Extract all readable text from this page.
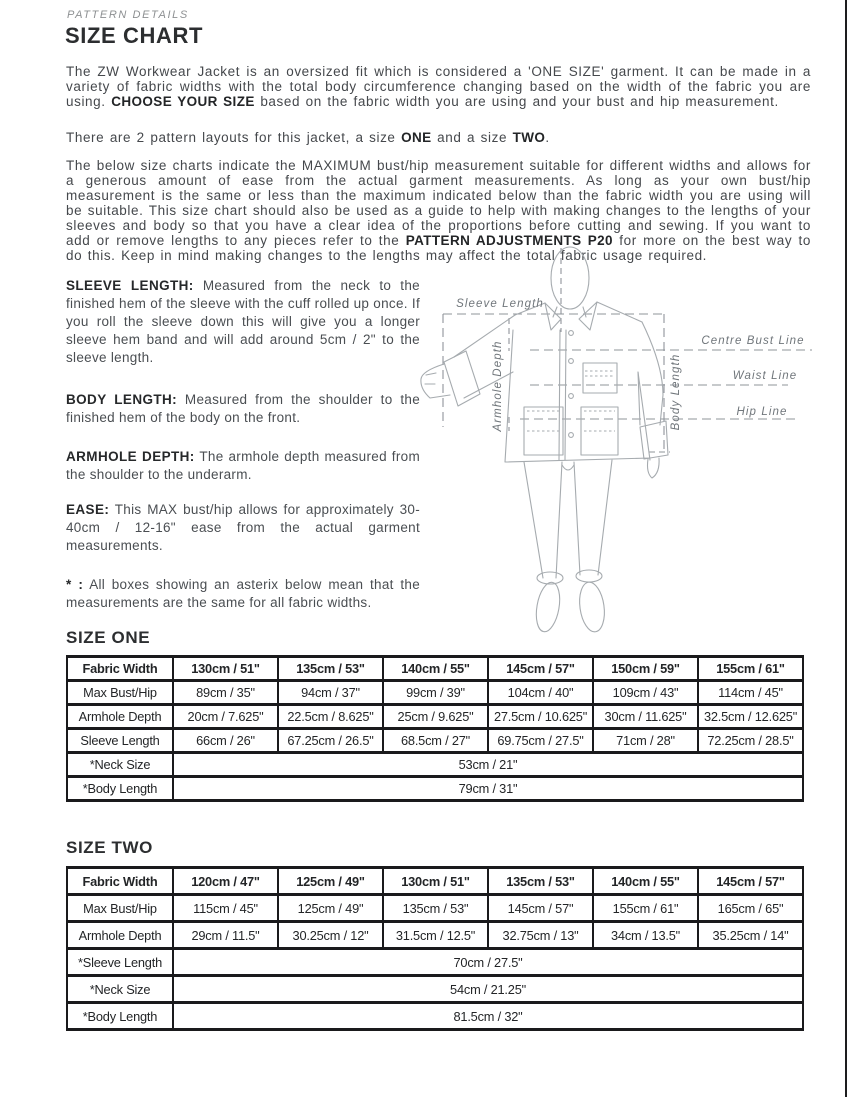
PATTERN DETAILS
SIZE CHART

The ZW Workwear Jacket is an oversized fit which is considered a 'ONE SIZE' garment. It can be made in a variety of fabric widths with the total body circumference changing based on the width of the fabric you are using. CHOOSE YOUR SIZE based on the fabric width you are using and your bust and hip measurement.

There are 2 pattern layouts for this jacket, a size ONE and a size TWO.

The below size charts indicate the MAXIMUM bust/hip measurement suitable for different widths and allows for a generous amount of ease from the actual garment measurements. As long as your own bust/hip measurement is the same or less than the maximum indicated below than the fabric width you are using will be suitable. This size chart should also be used as a guide to help with making changes to the lengths of your sleeves and body so that you have a clear idea of the proportions before cutting and sewing. If you want to add or remove lengths to any pieces refer to the PATTERN ADJUSTMENTS P20 for more on the best way to do this. Keep in mind making changes to the lengths may affect the total fabric usage required.

SLEEVE LENGTH: Measured from the neck to the finished hem of the sleeve with the cuff rolled up once. If you roll the sleeve down this will give you a longer sleeve hem band and will add around 5cm / 2" to the sleeve length.

BODY LENGTH: Measured from the shoulder to the finished hem of the body on the front.

ARMHOLE DEPTH: The armhole depth measured from the shoulder to the underarm.

EASE: This MAX bust/hip allows for approximately 30-40cm / 12-16" ease from the actual garment measurements.

* : All boxes showing an asterix below mean that the measurements are the same for all fabric widths.

Sleeve Length
Armhole Depth	Body Length
Centre Bust Line
Waist Line
Hip Line
SIZE ONE
Fabric Width	130cm / 51"	135cm / 53"	140cm / 55"	145cm / 57"	150cm / 59"	155cm / 61"
Max Bust/Hip	89cm / 35"	94cm / 37"	99cm / 39"	104cm / 40"	109cm / 43"	114cm / 45"
Armhole Depth	20cm / 7.625"	22.5cm / 8.625"	25cm / 9.625"	27.5cm / 10.625"	30cm / 11.625"	32.5cm / 12.625"
Sleeve Length	66cm / 26"	67.25cm / 26.5"	68.5cm / 27"	69.75cm / 27.5"	71cm / 28"	72.25cm / 28.5"
*Neck Size	53cm / 21"					
*Body Length	79cm / 31"					
SIZE TWO
Fabric Width	120cm / 47"	125cm / 49"	130cm / 51"	135cm / 53"	140cm / 55"	145cm / 57"
Max Bust/Hip	115cm / 45"	125cm / 49"	135cm / 53"	145cm / 57"	155cm / 61"	165cm / 65"
Armhole Depth	29cm / 11.5"	30.25cm / 12"	31.5cm / 12.5"	32.75cm / 13"	34cm / 13.5"	35.25cm / 14"
*Sleeve Length	70cm / 27.5"					
*Neck Size	54cm / 21.25"					
*Body Length	81.5cm / 32"					
